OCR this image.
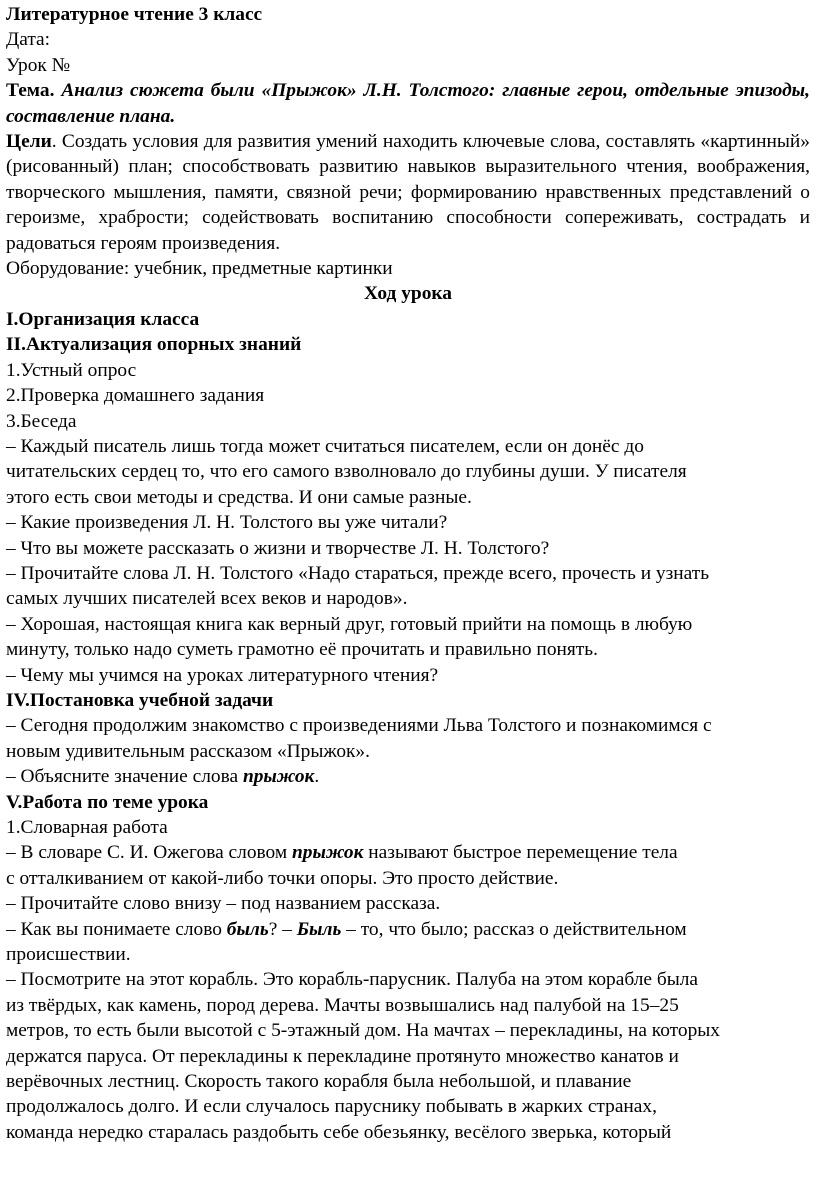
Литературное чтение 3 класс

Дата:

Урок №

Тема. Анализ сюжета были «Прыжок» Л.Н. Толстого: главные герои, отдельные эпизоды, составление плана.

Цели. Создать условия для развития умений находить ключевые слова, составлять «картинный» (рисованный) план; способствовать развитию навыков выразительного чтения, воображения, творческого мышления, памяти, связной речи; формированию нравственных представлений о героизме, храбрости; содействовать воспитанию способности сопереживать, сострадать и радоваться героям произведения.

Оборудование: учебник, предметные картинки

Ход урока

I.Организация класса

II.Актуализация опорных знаний

1.Устный опрос

2.Проверка домашнего задания

3.Беседа

– Каждый писатель лишь тогда может считаться писателем, если он донёс до

читательских сердец то, что его самого взволновало до глубины души. У писателя

этого есть свои методы и средства. И они самые разные.

– Какие произведения Л. Н. Толстого вы уже читали?

– Что вы можете рассказать о жизни и творчестве Л. Н. Толстого?

– Прочитайте слова Л. Н. Толстого «Надо стараться, прежде всего, прочесть и узнать

самых лучших писателей всех веков и народов».

– Хорошая, настоящая книга как верный друг, готовый прийти на помощь в любую

минуту, только надо суметь грамотно её прочитать и правильно понять.

– Чему мы учимся на уроках литературного чтения?

IV.Постановка учебной задачи

– Сегодня продолжим знакомство с произведениями Льва Толстого и познакомимся с

новым удивительным рассказом «Прыжок».

– Объясните значение слова прыжок.

V.Работа по теме урока

1.Словарная работа

– В словаре С. И. Ожегова словом прыжок называют быстрое перемещение тела

с отталкиванием от какой-либо точки опоры. Это просто действие.

– Прочитайте слово внизу – под названием рассказа.

– Как вы понимаете слово быль? – Быль – то, что было; рассказ о действительном

происшествии.

– Посмотрите на этот корабль. Это корабль-парусник. Палуба на этом корабле была

из твёрдых, как камень, пород дерева. Мачты возвышались над палубой на 15–25

метров, то есть были высотой с 5-этажный дом. На мачтах – перекладины, на которых

держатся паруса. От перекладины к перекладине протянуто множество канатов и

верёвочных лестниц. Скорость такого корабля была небольшой, и плавание

продолжалось долго. И если случалось паруснику побывать в жарких странах,

команда нередко старалась раздобыть себе обезьянку, весёлого зверька, который
